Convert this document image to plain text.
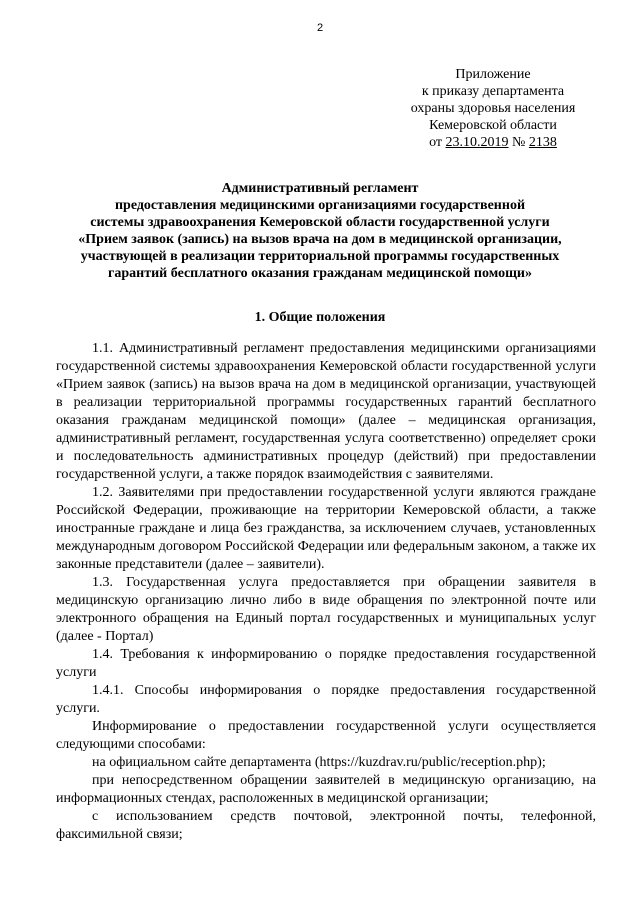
2
Приложение
к приказу департамента
охраны здоровья населения
Кемеровской области
от 23.10.2019 № 2138
Административный регламент
предоставления медицинскими организациями государственной
системы здравоохранения Кемеровской области государственной услуги
«Прием заявок (запись) на вызов врача на дом в медицинской организации,
участвующей в реализации территориальной программы государственных
гарантий бесплатного оказания гражданам медицинской помощи»
1. Общие положения

1.1. Административный регламент предоставления медицинскими организациями государственной системы здравоохранения Кемеровской области государственной услуги «Прием заявок (запись) на вызов врача на дом в медицинской организации, участвующей в реализации территориальной программы государственных гарантий бесплатного оказания гражданам медицинской помощи» (далее – медицинская организация, административный регламент, государственная услуга соответственно) определяет сроки и последовательность административных процедур (действий) при предоставлении государственной услуги, а также порядок взаимодействия с заявителями.

1.2. Заявителями при предоставлении государственной услуги являются граждане Российской Федерации, проживающие на территории Кемеровской области, а также иностранные граждане и лица без гражданства, за исключением случаев, установленных международным договором Российской Федерации или федеральным законом, а также их законные представители (далее – заявители).

1.3. Государственная услуга предоставляется при обращении заявителя в медицинскую организацию лично либо в виде обращения по электронной почте или электронного обращения на Единый портал государственных и муниципальных услуг (далее - Портал)

1.4. Требования к информированию о порядке предоставления государственной услуги

1.4.1. Способы информирования о порядке предоставления государственной услуги.

Информирование о предоставлении государственной услуги осуществляется следующими способами:

на официальном сайте департамента (https://kuzdrav.ru/public/reception.php);

при непосредственном обращении заявителей в медицинскую организацию, на информационных стендах, расположенных в медицинской организации;

с использованием средств почтовой, электронной почты, телефонной, факсимильной связи;
